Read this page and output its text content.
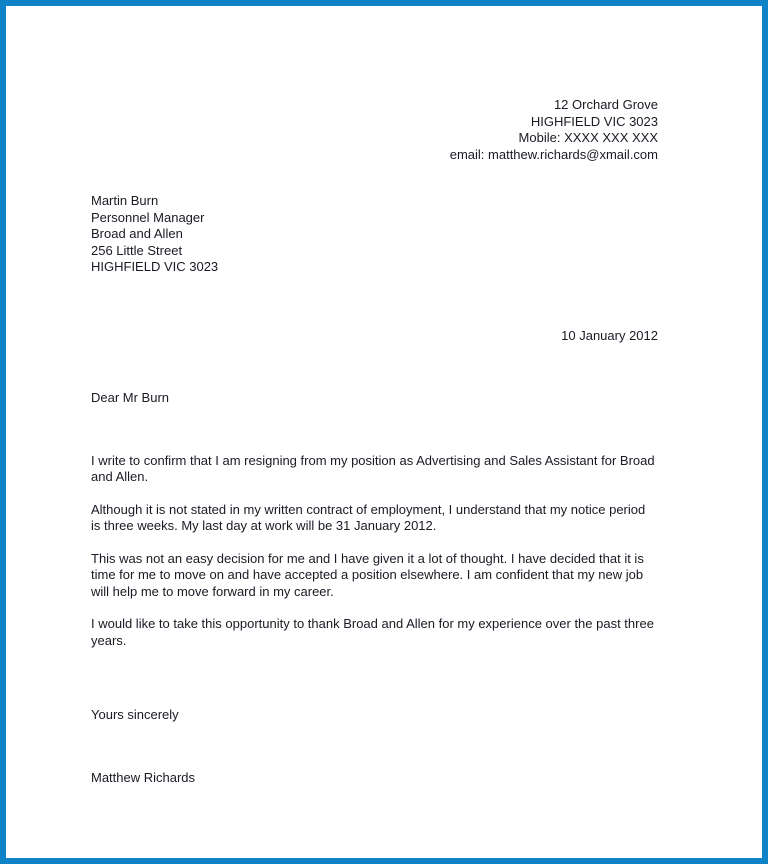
12 Orchard Grove
HIGHFIELD VIC 3023
Mobile: XXXX XXX XXX
email: matthew.richards@xmail.com
Martin Burn
Personnel Manager
Broad and Allen
256 Little Street
HIGHFIELD VIC 3023
10 January 2012
Dear Mr Burn

I write to confirm that I am resigning from my position as Advertising and Sales Assistant for Broad and Allen.

Although it is not stated in my written contract of employment, I understand that my notice period is three weeks. My last day at work will be 31 January 2012.

This was not an easy decision for me and I have given it a lot of thought. I have decided that it is time for me to move on and have accepted a position elsewhere. I am confident that my new job will help me to move forward in my career.

I would like to take this opportunity to thank Broad and Allen for my experience over the past three years.

Yours sincerely
Matthew Richards
